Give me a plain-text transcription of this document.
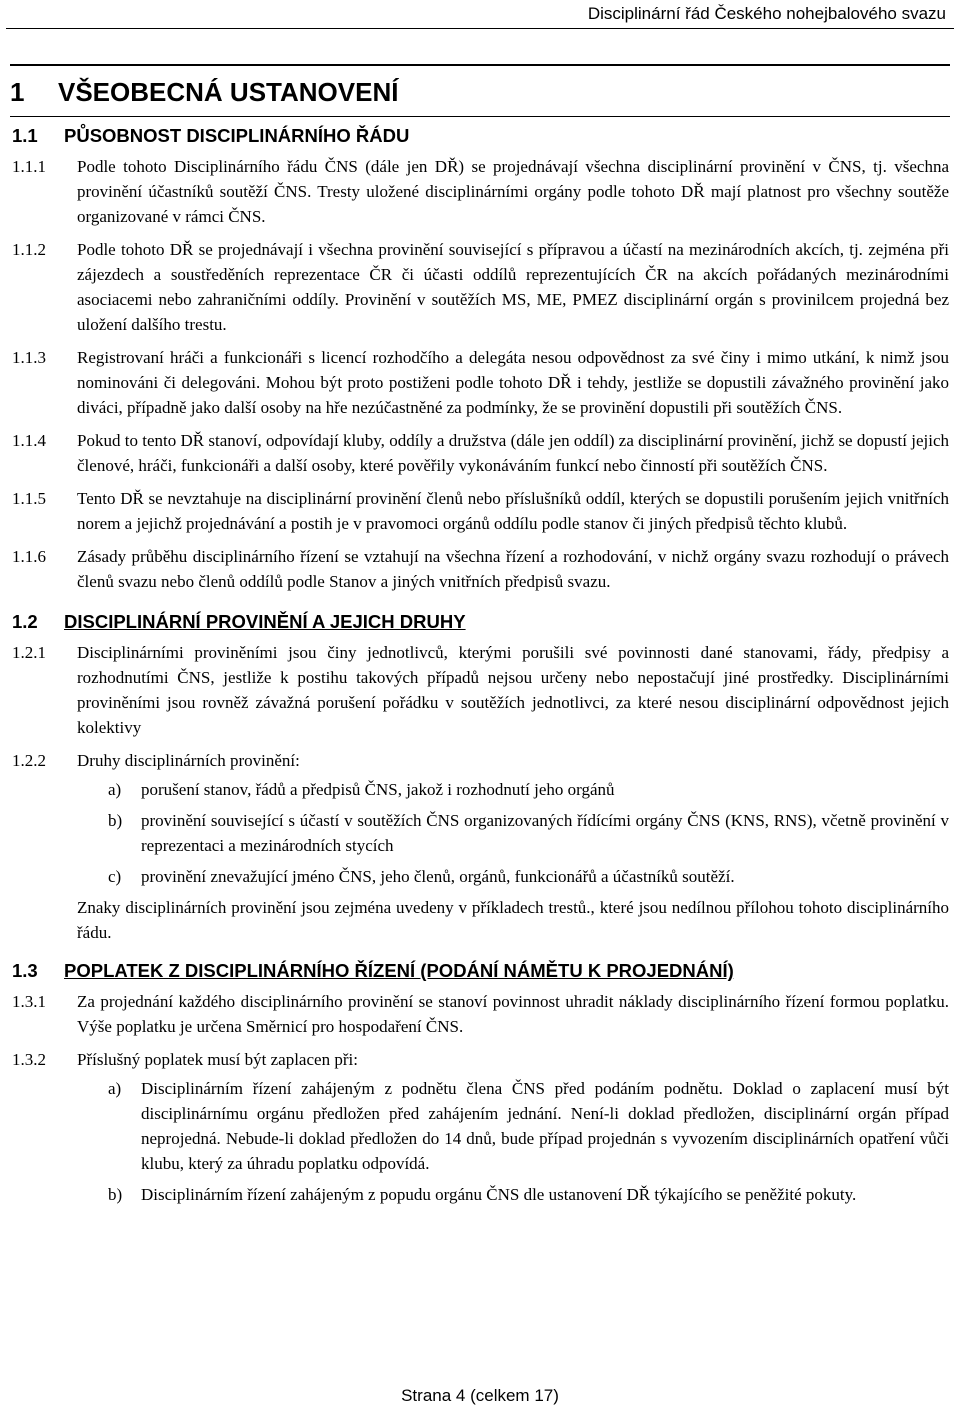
Disciplinární řád Českého nohejbalového svazu
1 VŠEOBECNÁ USTANOVENÍ
1.1 PŮSOBNOST DISCIPLINÁRNÍHO ŘÁDU
1.1.1 Podle tohoto Disciplinárního řádu ČNS (dále jen DŘ) se projednávají všechna disciplinární provinění v ČNS, tj. všechna provinění účastníků soutěží ČNS. Tresty uložené disciplinárními orgány podle tohoto DŘ mají platnost pro všechny soutěže organizované v rámci ČNS.
1.1.2 Podle tohoto DŘ se projednávají i všechna provinění související s přípravou a účastí na mezinárodních akcích, tj. zejména při zájezdech a soustředěních reprezentace ČR či účasti oddílů reprezentujících ČR na akcích pořádaných mezinárodními asociacemi nebo zahraničními oddíly. Provinění v soutěžích MS, ME, PMEZ disciplinární orgán s provinilcem projedná bez uložení dalšího trestu.
1.1.3 Registrovaní hráči a funkcionáři s licencí rozhodčího a delegáta nesou odpovědnost za své činy i mimo utkání, k nimž jsou nominováni či delegováni. Mohou být proto postiženi podle tohoto DŘ i tehdy, jestliže se dopustili závažného provinění jako diváci, případně jako další osoby na hře nezúčastněné za podmínky, že se provinění dopustili při soutěžích ČNS.
1.1.4 Pokud to tento DŘ stanoví, odpovídají kluby, oddíly a družstva (dále jen oddíl) za disciplinární provinění, jichž se dopustí jejich členové, hráči, funkcionáři a další osoby, které pověřily vykonáváním funkcí nebo činností při soutěžích ČNS.
1.1.5 Tento DŘ se nevztahuje na disciplinární provinění členů nebo příslušníků oddíl, kterých se dopustili porušením jejich vnitřních norem a jejichž projednávání a postih je v pravomoci orgánů oddílu podle stanov či jiných předpisů těchto klubů.
1.1.6 Zásady průběhu disciplinárního řízení se vztahují na všechna řízení a rozhodování, v nichž orgány svazu rozhodují o právech členů svazu nebo členů oddílů podle Stanov a jiných vnitřních předpisů svazu.
1.2 DISCIPLINÁRNÍ PROVINĚNÍ A JEJICH DRUHY
1.2.1 Disciplinárními proviněními jsou činy jednotlivců, kterými porušili své povinnosti dané stanovami, řády, předpisy a rozhodnutími ČNS, jestliže k postihu takových případů nejsou určeny nebo nepostačují jiné prostředky. Disciplinárními proviněními jsou rovněž závažná porušení pořádku v soutěžích jednotlivci, za které nesou disciplinární odpovědnost jejich kolektivy
1.2.2 Druhy disciplinárních provinění:
a) porušení stanov, řádů a předpisů ČNS, jakož i rozhodnutí jeho orgánů
b) provinění související s účastí v soutěžích ČNS organizovaných řídícími orgány ČNS (KNS, RNS), včetně provinění v reprezentaci a mezinárodních stycích
c) provinění znevažující jméno ČNS, jeho členů, orgánů, funkcionářů a účastníků soutěží.
Znaky disciplinárních provinění jsou zejména uvedeny v příkladech trestů., které jsou nedílnou přílohou tohoto disciplinárního řádu.
1.3 POPLATEK Z DISCIPLINÁRNÍHO ŘÍZENÍ (PODÁNÍ NÁMĚTU K PROJEDNÁNÍ)
1.3.1 Za projednání každého disciplinárního provinění se stanoví povinnost uhradit náklady disciplinárního řízení formou poplatku. Výše poplatku je určena Směrnicí pro hospodaření ČNS.
1.3.2 Příslušný poplatek musí být zaplacen při:
a) Disciplinárním řízení zahájeným z podnětu člena ČNS před podáním podnětu. Doklad o zaplacení musí být disciplinárnímu orgánu předložen před zahájením jednání. Není-li doklad předložen, disciplinární orgán případ neprojedná. Nebude-li doklad předložen do 14 dnů, bude případ projednán s vyvozením disciplinárních opatření vůči klubu, který za úhradu poplatku odpovídá.
b) Disciplinárním řízení zahájeným z popudu orgánu ČNS dle ustanovení DŘ týkajícího se peněžité pokuty.
Strana 4 (celkem 17)
